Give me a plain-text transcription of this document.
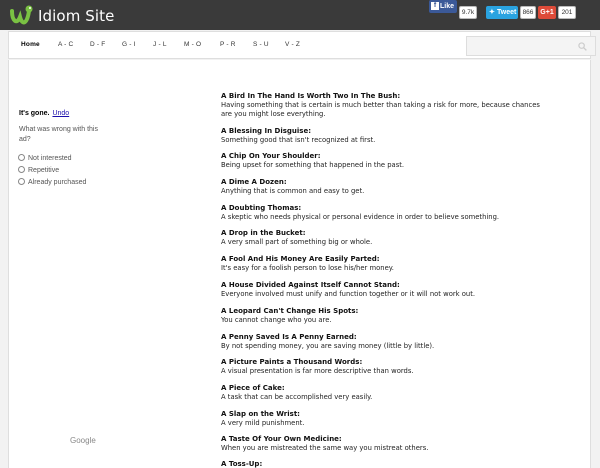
Idiom Site
f Like
9.7k	✦ Tweet 866 G+1	201
Home	A - C	D - F	G - I	J - L	M - O	P - R	S - U V - Z
It's gone. Undo
What was wrong with this ad?
Not interested
Repetitive
Already purchased
Google
A Bird In The Hand Is Worth Two In The Bush:
Having something that is certain is much better than taking a risk for more, because chances are you might lose everything.
A Blessing In Disguise:
Something good that isn't recognized at first.
A Chip On Your Shoulder:
Being upset for something that happened in the past.
A Dime A Dozen:
Anything that is common and easy to get.
A Doubting Thomas:
A skeptic who needs physical or personal evidence in order to believe something.
A Drop in the Bucket:
A very small part of something big or whole.
A Fool And His Money Are Easily Parted:
It's easy for a foolish person to lose his/her money.
A House Divided Against Itself Cannot Stand:
Everyone involved must unify and function together or it will not work out.
A Leopard Can't Change His Spots:
You cannot change who you are.
A Penny Saved Is A Penny Earned:
By not spending money, you are saving money (little by little).
A Picture Paints a Thousand Words:
A visual presentation is far more descriptive than words.
A Piece of Cake:
A task that can be accomplished very easily.
A Slap on the Wrist:
A very mild punishment.
A Taste Of Your Own Medicine:
When you are mistreated the same way you mistreat others.
A Toss-Up:
